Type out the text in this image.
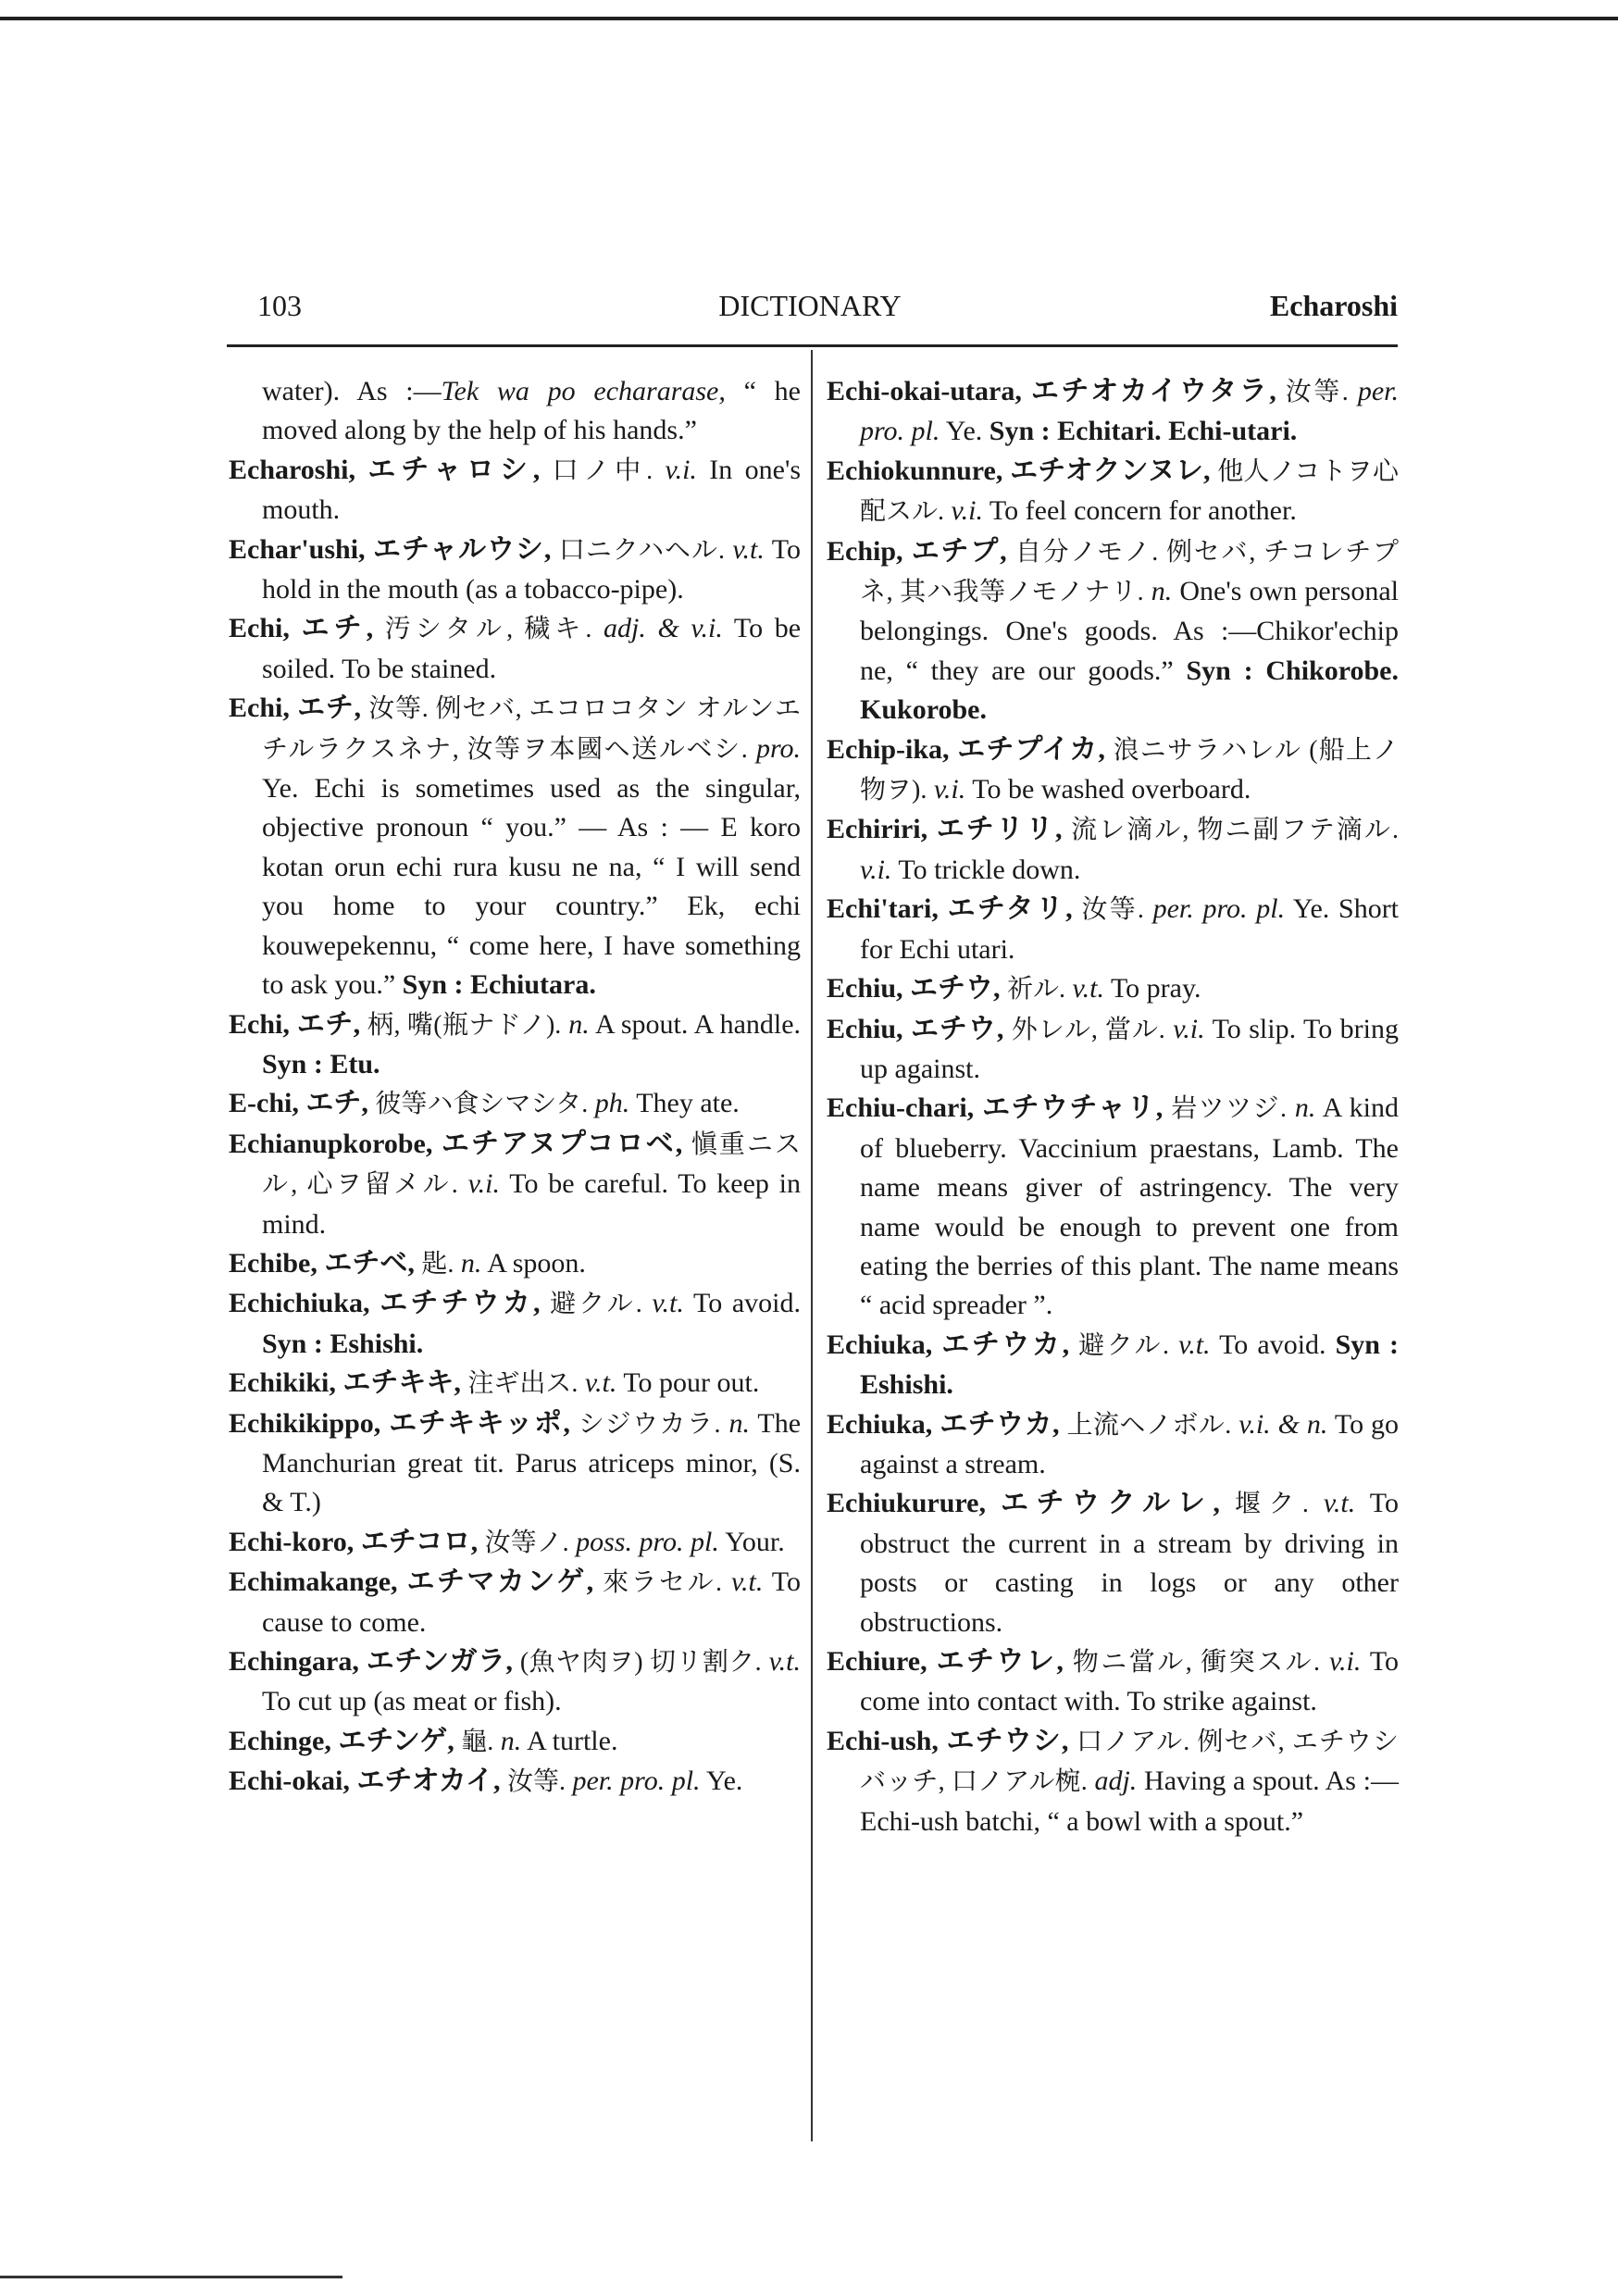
103	DICTIONARY	Echaroshi

water). As :—Tek wa po echararase, “ he moved along by the help of his hands.”

Echaroshi, エチャロシ, 口ノ中. v.i. In one's mouth.

Echar'ushi, エチャルウシ, 口ニクハヘル. v.t. To hold in the mouth (as a tobacco-pipe).

Echi, エチ, 汚シタル, 穢キ. adj. & v.i. To be soiled. To be stained.

Echi, エチ, 汝等. 例セバ, エコロコタン オルンエチルラクスネナ, 汝等ヲ本國ヘ送ルベシ. pro. Ye. Echi is sometimes used as the singular, objective pronoun “ you.” — As : — E koro kotan orun echi rura kusu ne na, “ I will send you home to your country.” Ek, echi kouwepekennu, “ come here, I have something to ask you.” Syn : Echiutara.

Echi, エチ, 柄, 嘴(瓶ナドノ). n. A spout. A handle. Syn : Etu.

E-chi, エチ, 彼等ハ食シマシタ. ph. They ate.

Echianupkorobe, エチアヌプコロベ, 愼重ニスル, 心ヲ留メル. v.i. To be careful. To keep in mind.

Echibe, エチベ, 匙. n. A spoon.

Echichiuka, エチチウカ, 避クル. v.t. To avoid. Syn : Eshishi.

Echikiki, エチキキ, 注ギ出ス. v.t. To pour out.

Echikikippo, エチキキッポ, シジウカラ. n. The Manchurian great tit. Parus atriceps minor, (S. & T.)

Echi-koro, エチコロ, 汝等ノ. poss. pro. pl. Your.

Echimakange, エチマカンゲ, 來ラセル. v.t. To cause to come.

Echingara, エチンガラ, (魚ヤ肉ヲ) 切リ割ク. v.t. To cut up (as meat or fish).

Echinge, エチンゲ, 龜. n. A turtle.

Echi-okai, エチオカイ, 汝等. per. pro. pl. Ye.

Echi-okai-utara, エチオカイウタラ, 汝等. per. pro. pl. Ye. Syn : Echitari. Echi-utari.

Echiokunnure, エチオクンヌレ, 他人ノコトヲ心配スル. v.i. To feel concern for another.

Echip, エチプ, 自分ノモノ. 例セバ, チコレチプネ, 其ハ我等ノモノナリ. n. One's own personal belongings. One's goods. As :—Chikor'echip ne, “ they are our goods.” Syn : Chikorobe. Kukorobe.

Echip-ika, エチプイカ, 浪ニサラハレル (船上ノ物ヲ). v.i. To be washed overboard.

Echiriri, エチリリ, 流レ滴ル, 物ニ副フテ滴ル. v.i. To trickle down.

Echi'tari, エチタリ, 汝等. per. pro. pl. Ye. Short for Echi utari.

Echiu, エチウ, 祈ル. v.t. To pray.

Echiu, エチウ, 外レル, 當ル. v.i. To slip. To bring up against.

Echiu-chari, エチウチャリ, 岩ツツジ. n. A kind of blueberry. Vaccinium praestans, Lamb. The name means giver of astringency. The very name would be enough to prevent one from eating the berries of this plant. The name means “ acid spreader ”.

Echiuka, エチウカ, 避クル. v.t. To avoid. Syn : Eshishi.

Echiuka, エチウカ, 上流ヘノボル. v.i. & n. To go against a stream.

Echiukurure, エチウクルレ, 堰ク. v.t. To obstruct the current in a stream by driving in posts or casting in logs or any other obstructions.

Echiure, エチウレ, 物ニ當ル, 衝突スル. v.i. To come into contact with. To strike against.

Echi-ush, エチウシ, 口ノアル. 例セバ, エチウシバッチ, 口ノアル椀. adj. Having a spout. As :—Echi-ush batchi, “ a bowl with a spout.”
